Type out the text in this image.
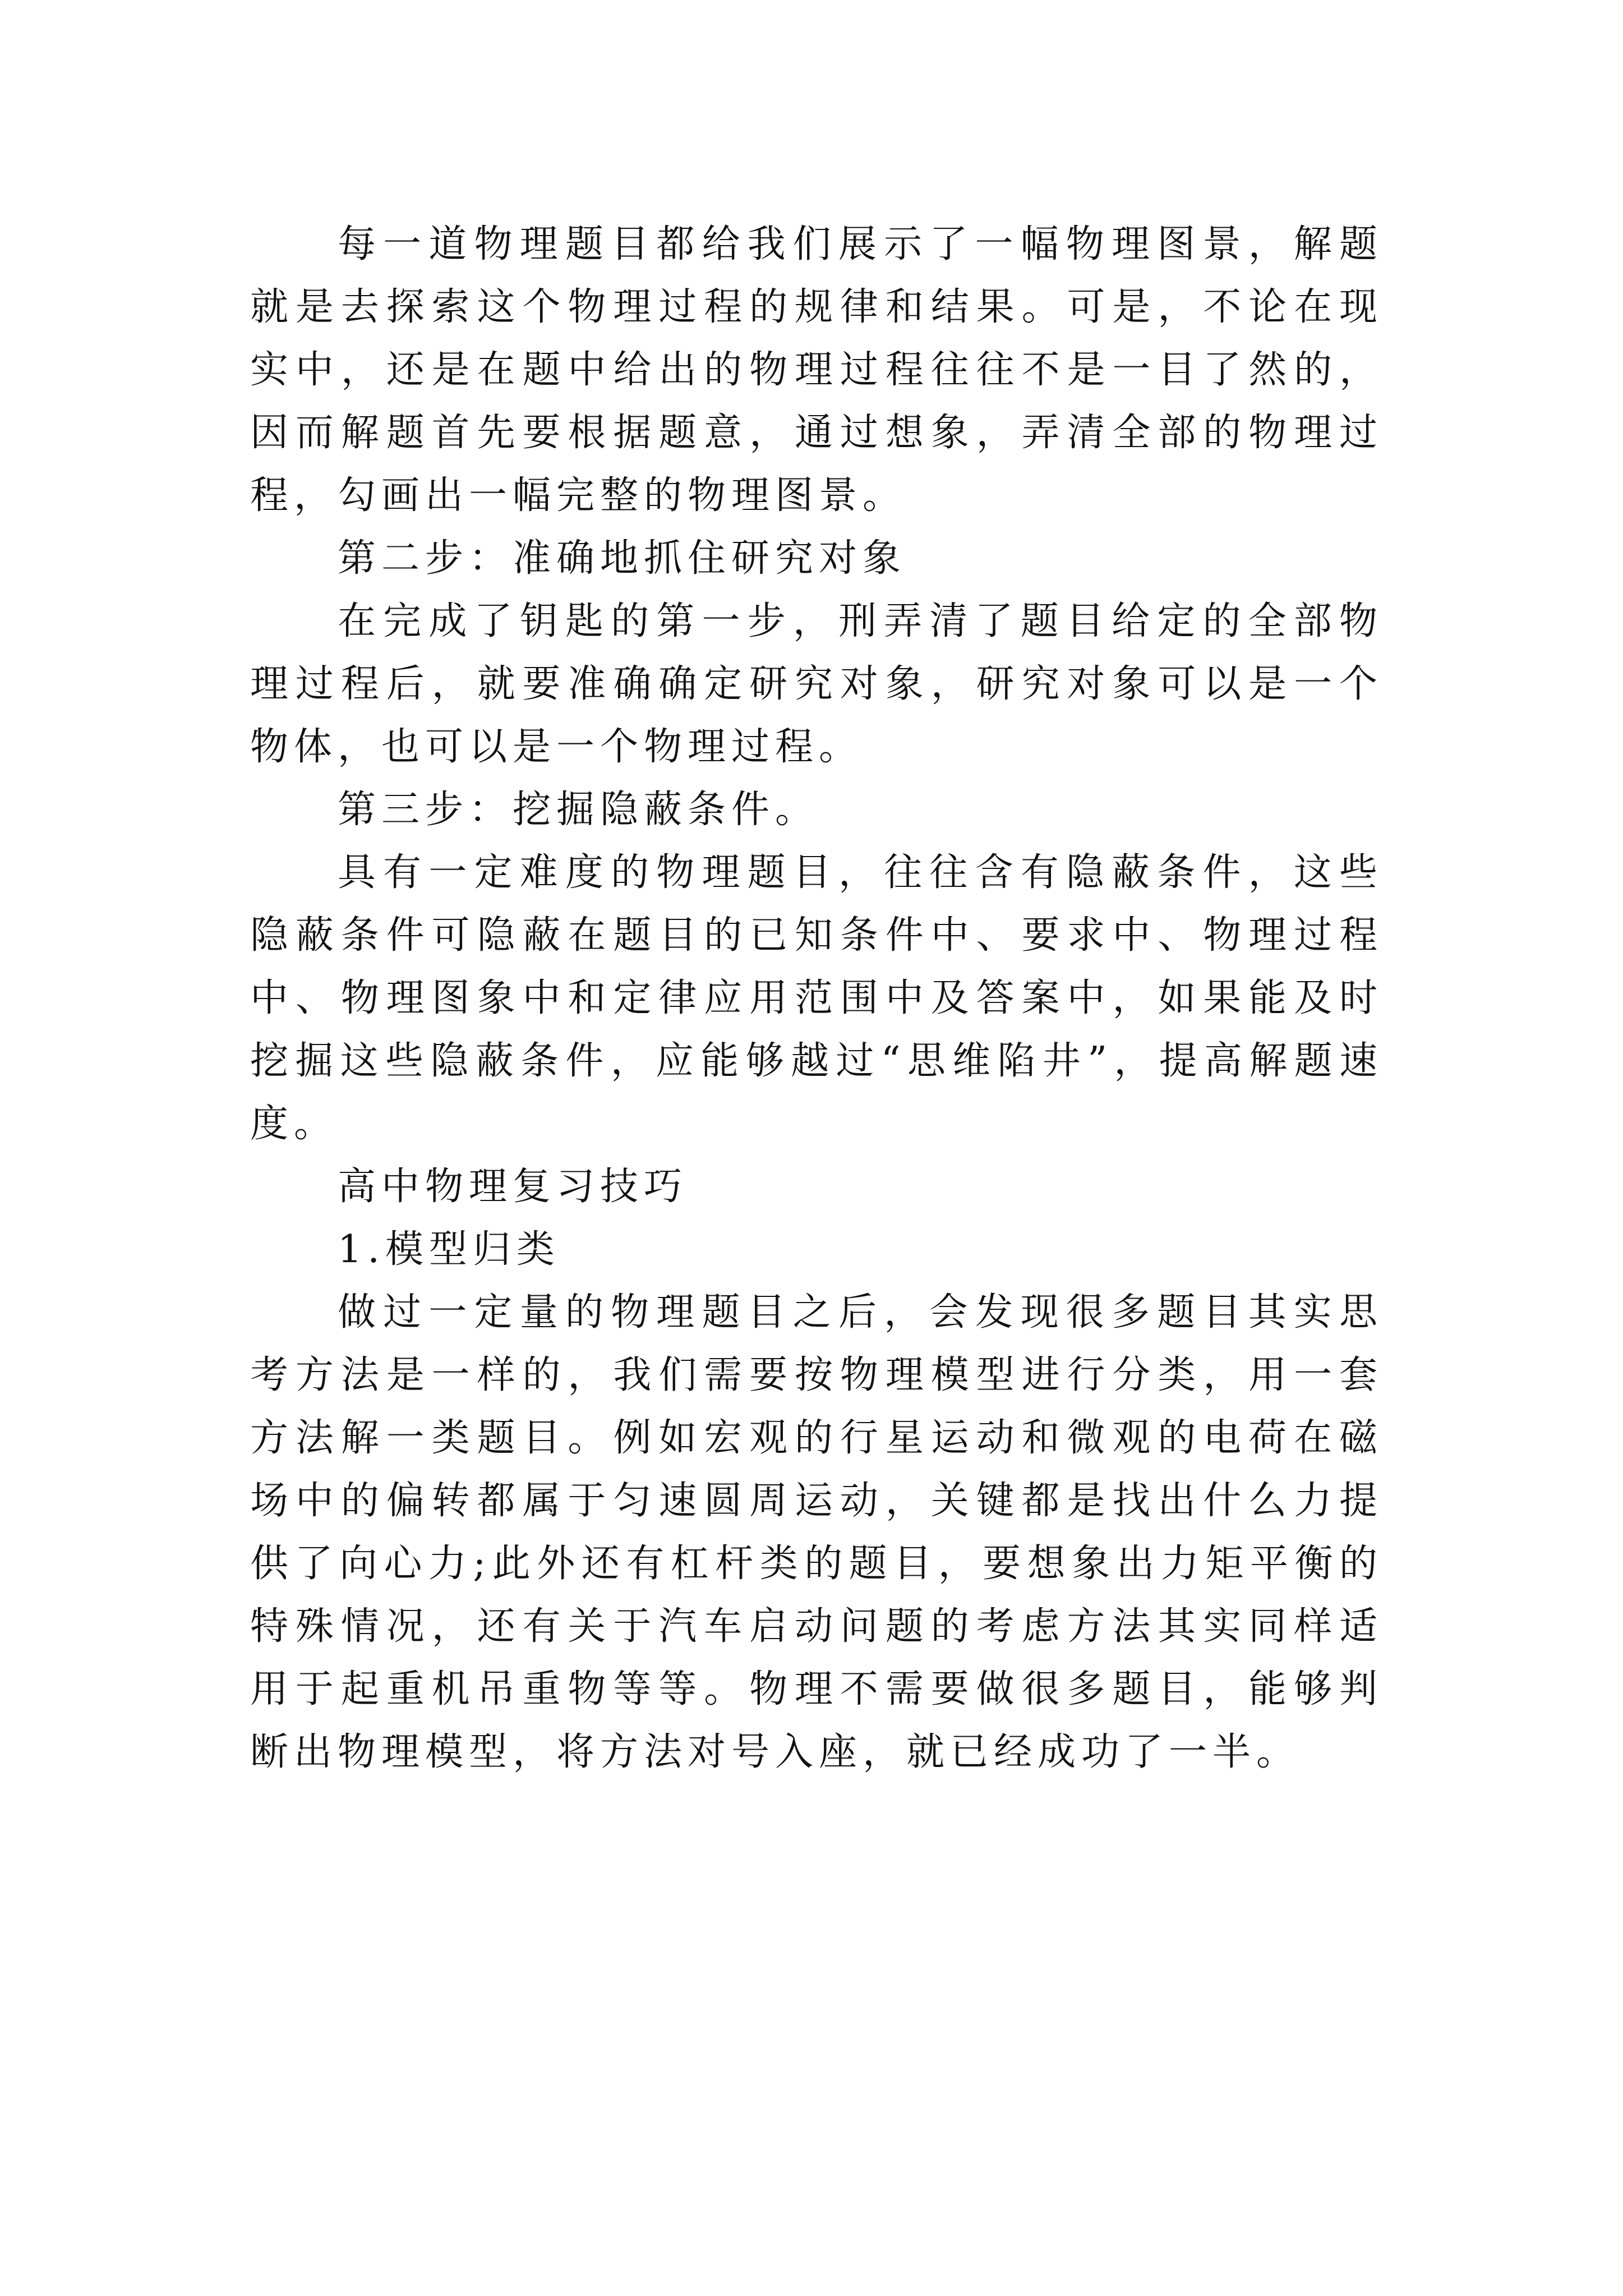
每一道物理题目都给我们展示了一幅物理图景，解题就是去探索这个物理过程的规律和结果。可是，不论在现实中，还是在题中给出的物理过程往往不是一目了然的，因而解题首先要根据题意，通过想象，弄清全部的物理过程，勾画出一幅完整的物理图景。

第二步：准确地抓住研究对象

在完成了钥匙的第一步，刑弄清了题目给定的全部物理过程后，就要准确确定研究对象，研究对象可以是一个物体，也可以是一个物理过程。

第三步：挖掘隐蔽条件。

具有一定难度的物理题目，往往含有隐蔽条件，这些隐蔽条件可隐蔽在题目的已知条件中、要求中、物理过程中、物理图象中和定律应用范围中及答案中，如果能及时挖掘这些隐蔽条件，应能够越过“思维陷井”，提高解题速度。

高中物理复习技巧

1.模型归类

做过一定量的物理题目之后，会发现很多题目其实思考方法是一样的，我们需要按物理模型进行分类，用一套方法解一类题目。例如宏观的行星运动和微观的电荷在磁场中的偏转都属于匀速圆周运动，关键都是找出什么力提供了向心力;此外还有杠杆类的题目，要想象出力矩平衡的特殊情况，还有关于汽车启动问题的考虑方法其实同样适用于起重机吊重物等等。物理不需要做很多题目，能够判断出物理模型，将方法对号入座，就已经成功了一半。
